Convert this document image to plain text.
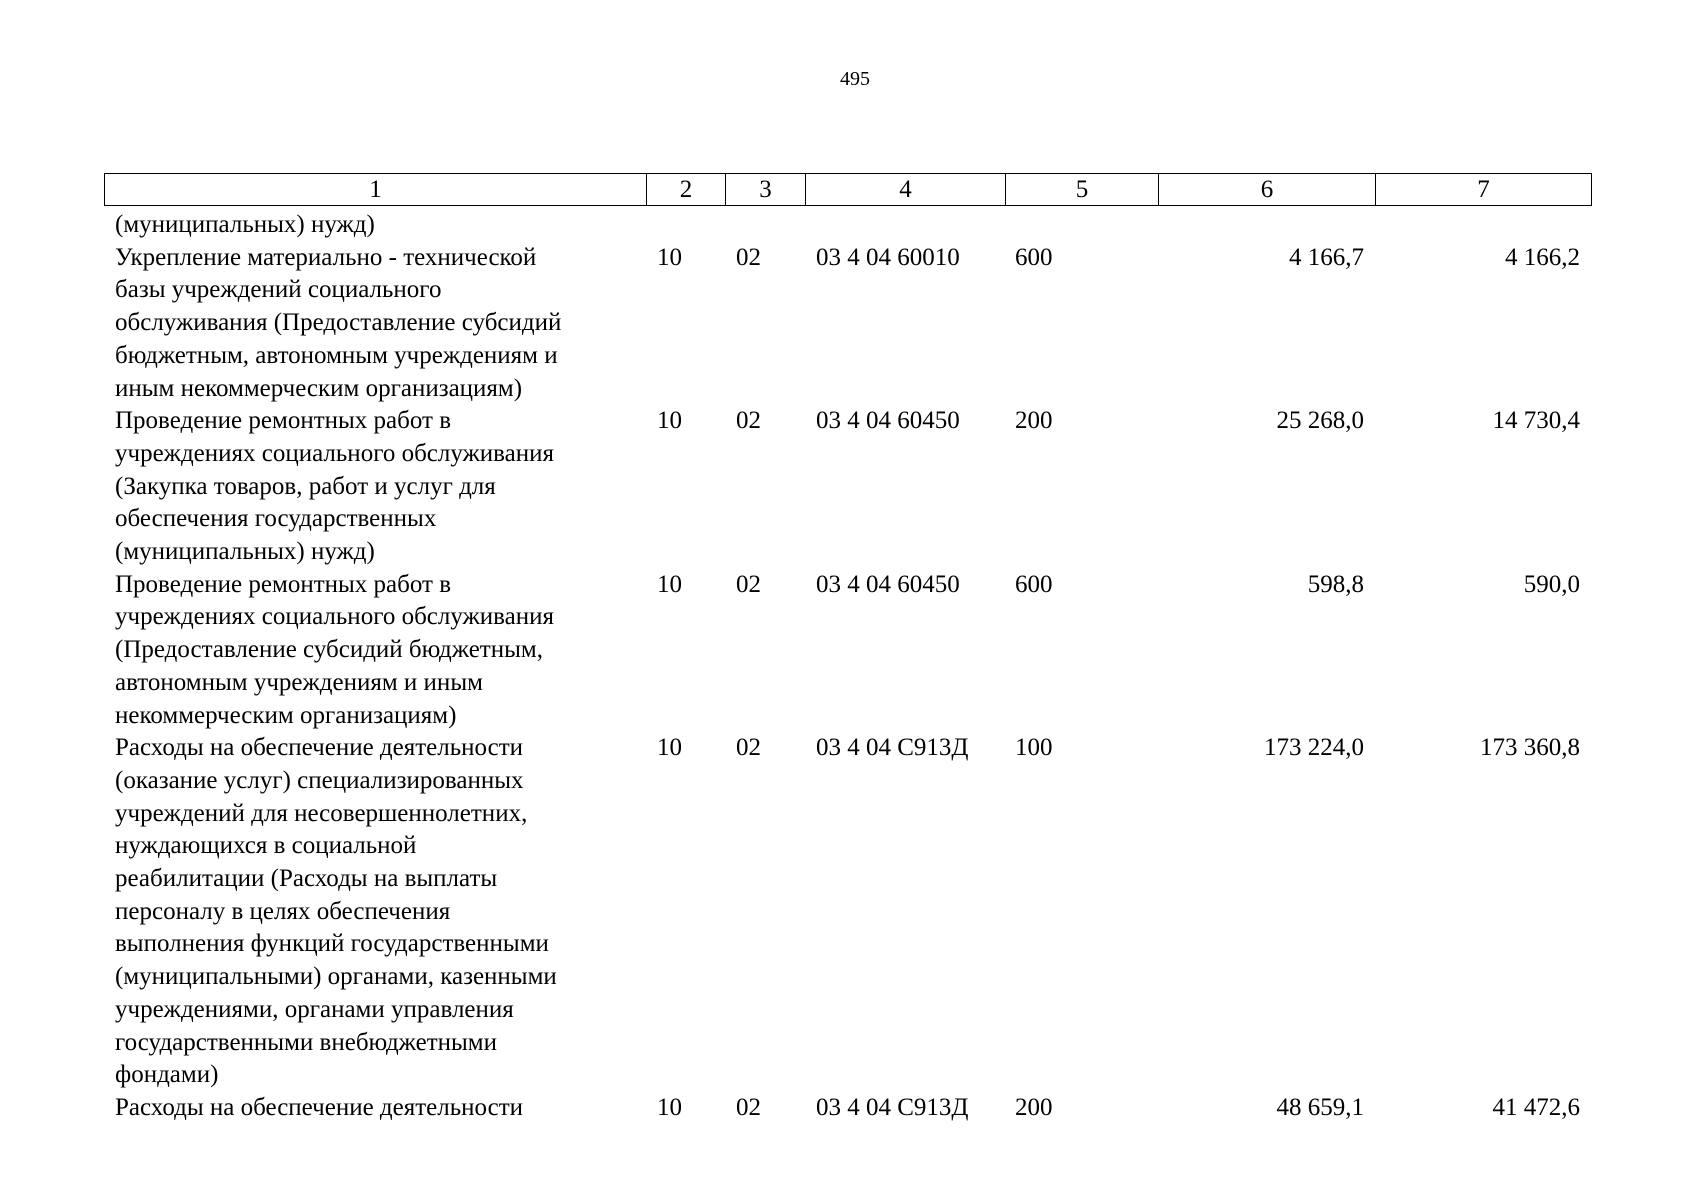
495
1	2	3	4	5	6	7
(муниципальных) нужд)
Укрепление материально - технической
базы учреждений социального
обслуживания (Предоставление субсидий
бюджетным, автономным учреждениям и
иным некоммерческим организациям)
10	02	03 4 04 60010	600	4 166,7	4 166,2
Проведение ремонтных работ в
учреждениях социального обслуживания
(Закупка товаров, работ и услуг для
обеспечения государственных
(муниципальных) нужд)
10	02	03 4 04 60450	200	25 268,0	14 730,4
Проведение ремонтных работ в
учреждениях социального обслуживания
(Предоставление субсидий бюджетным,
автономным учреждениям и иным
некоммерческим организациям)
10	02	03 4 04 60450	600	598,8	590,0
Расходы на обеспечение деятельности
(оказание услуг) специализированных
учреждений для несовершеннолетних,
нуждающихся в социальной
реабилитации (Расходы на выплаты
персоналу в целях обеспечения
выполнения функций государственными
(муниципальными) органами, казенными
учреждениями, органами управления
государственными внебюджетными
фондами)
10	02	03 4 04 С913Д	100	173 224,0	173 360,8
Расходы на обеспечение деятельности	10	02	03 4 04 С913Д	200	48 659,1	41 472,6
